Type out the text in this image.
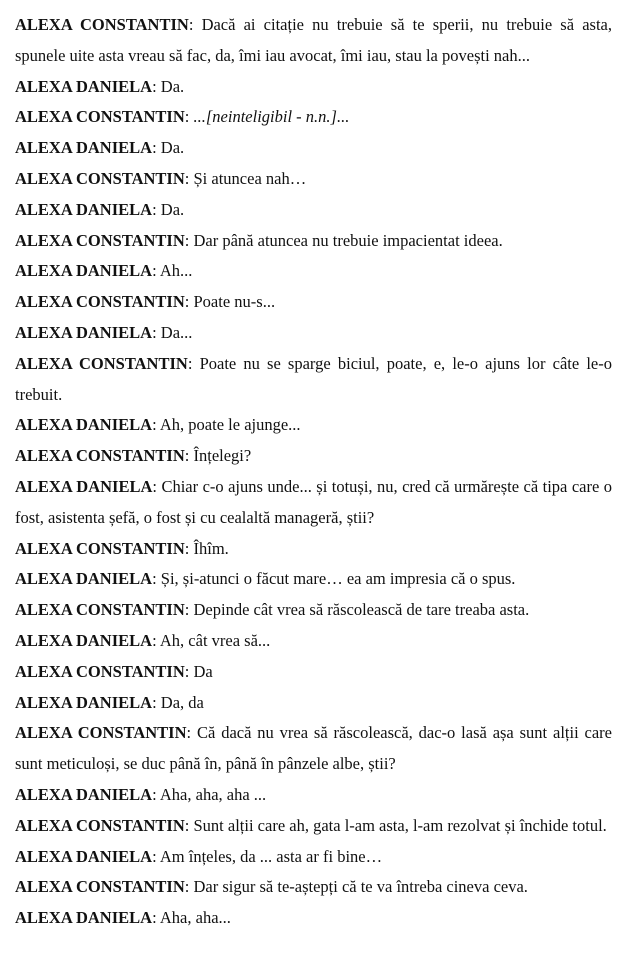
ALEXA CONSTANTIN: Dacă ai citație nu trebuie să te sperii, nu trebuie să asta, spunele uite asta vreau să fac, da, îmi iau avocat, îmi iau, stau la povești nah...

ALEXA DANIELA: Da.

ALEXA CONSTANTIN: ...[neinteligibil - n.n.]...

ALEXA DANIELA: Da.

ALEXA CONSTANTIN: Și atuncea nah…

ALEXA DANIELA: Da.

ALEXA CONSTANTIN: Dar până atuncea nu trebuie impacientat ideea.

ALEXA DANIELA: Ah...

ALEXA CONSTANTIN: Poate nu-s...

ALEXA DANIELA: Da...

ALEXA CONSTANTIN: Poate nu se sparge biciul, poate, e, le-o ajuns lor câte le-o trebuit.

ALEXA DANIELA: Ah, poate le ajunge...

ALEXA CONSTANTIN: Înțelegi?

ALEXA DANIELA: Chiar c-o ajuns unde... și totuși, nu, cred că urmărește că tipa care o fost, asistenta șefă, o fost și cu cealaltă manageră, știi?

ALEXA CONSTANTIN: Îhîm.

ALEXA DANIELA: Și, și-atunci o făcut mare… ea am impresia că o spus.

ALEXA CONSTANTIN: Depinde cât vrea să răscolească de tare treaba asta.

ALEXA DANIELA: Ah, cât vrea să...

ALEXA CONSTANTIN: Da

ALEXA DANIELA: Da, da

ALEXA CONSTANTIN: Că dacă nu vrea să răscolească, dac-o lasă așa sunt alții care sunt meticuloși, se duc până în, până în pânzele albe, știi?

ALEXA DANIELA: Aha, aha, aha ...

ALEXA CONSTANTIN: Sunt alții care ah, gata l-am asta, l-am rezolvat și închide totul.

ALEXA DANIELA: Am înțeles, da ... asta ar fi bine…

ALEXA CONSTANTIN: Dar sigur să te-aștepți că te va întreba cineva ceva.

ALEXA DANIELA: Aha, aha...
